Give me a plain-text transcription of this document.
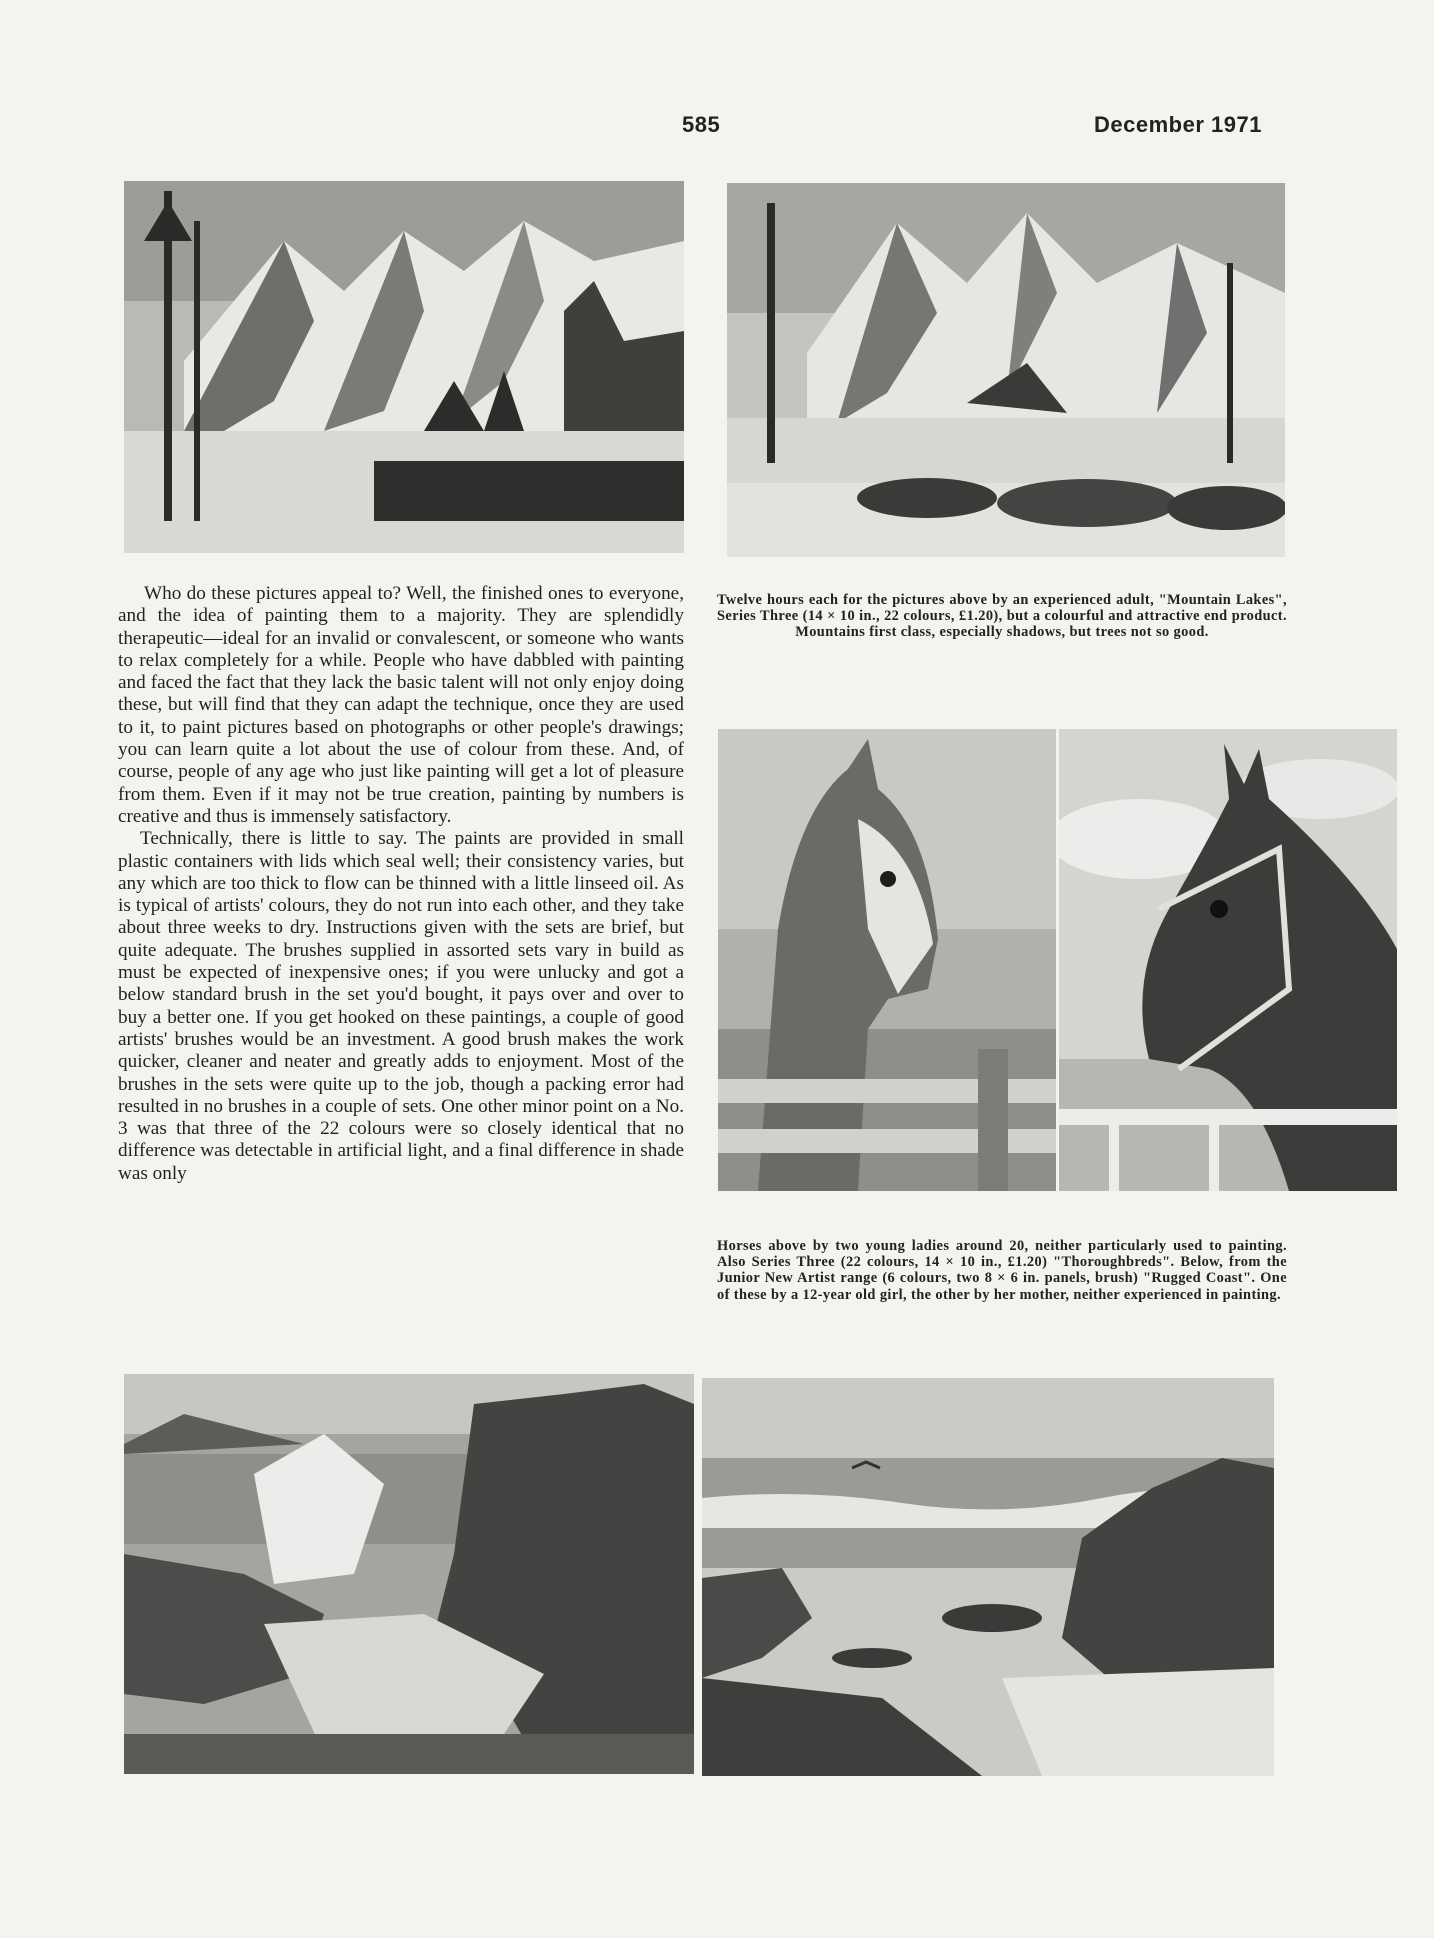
585	December 1971

Who do these pictures appeal to? Well, the finished ones to everyone, and the idea of painting them to a majority. They are splendidly therapeutic—ideal for an invalid or convalescent, or someone who wants to relax completely for a while. People who have dabbled with painting and faced the fact that they lack the basic talent will not only enjoy doing these, but will find that they can adapt the technique, once they are used to it, to paint pictures based on photographs or other people's drawings; you can learn quite a lot about the use of colour from these. And, of course, people of any age who just like painting will get a lot of pleasure from them. Even if it may not be true creation, painting by numbers is creative and thus is immensely satisfactory.

Technically, there is little to say. The paints are provided in small plastic containers with lids which seal well; their consistency varies, but any which are too thick to flow can be thinned with a little linseed oil. As is typical of artists' colours, they do not run into each other, and they take about three weeks to dry. Instructions given with the sets are brief, but quite adequate. The brushes supplied in assorted sets vary in build as must be expected of inexpensive ones; if you were unlucky and got a below standard brush in the set you'd bought, it pays over and over to buy a better one. If you get hooked on these paintings, a couple of good artists' brushes would be an investment. A good brush makes the work quicker, cleaner and neater and greatly adds to enjoyment. Most of the brushes in the sets were quite up to the job, though a packing error had resulted in no brushes in a couple of sets. One other minor point on a No. 3 was that three of the 22 colours were so closely identical that no difference was detectable in artificial light, and a final difference in shade was only

Twelve hours each for the pictures above by an experienced adult, "Mountain Lakes", Series Three (14 × 10 in., 22 colours, £1.20), but a colourful and attractive end product. Mountains first class, especially shadows, but trees not so good.
Horses above by two young ladies around 20, neither particularly used to painting. Also Series Three (22 colours, 14 × 10 in., £1.20) "Thoroughbreds". Below, from the Junior New Artist range (6 colours, two 8 × 6 in. panels, brush) "Rugged Coast". One of these by a 12-year old girl, the other by her mother, neither experienced in painting.
